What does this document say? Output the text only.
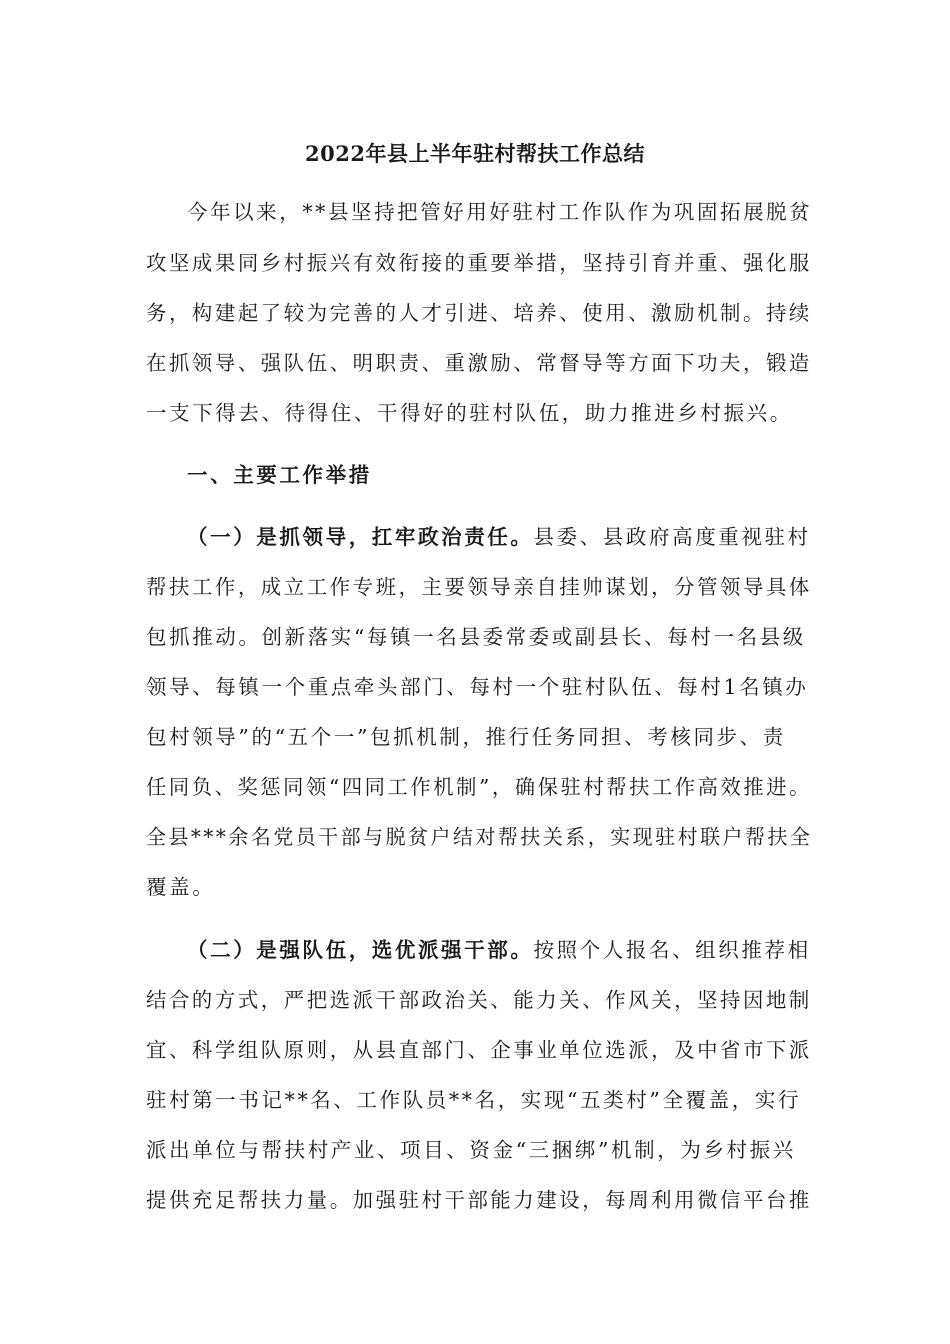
2022年县上半年驻村帮扶工作总结
今年以来，**县坚持把管好用好驻村工作队作为巩固拓展脱贫
攻坚成果同乡村振兴有效衔接的重要举措，坚持引育并重、强化服
务，构建起了较为完善的人才引进、培养、使用、激励机制。持续
在抓领导、强队伍、明职责、重激励、常督导等方面下功夫，锻造
一支下得去、待得住、干得好的驻村队伍，助力推进乡村振兴。
一、主要工作举措
（一）是抓领导，扛牢政治责任。县委、县政府高度重视驻村
帮扶工作，成立工作专班，主要领导亲自挂帅谋划，分管领导具体
包抓推动。创新落实“每镇一名县委常委或副县长、每村一名县级
领导、每镇一个重点牵头部门、每村一个驻村队伍、每村1名镇办
包村领导”的“五个一”包抓机制，推行任务同担、考核同步、责
任同负、奖惩同领“四同工作机制”，确保驻村帮扶工作高效推进。
全县***余名党员干部与脱贫户结对帮扶关系，实现驻村联户帮扶全
覆盖。
（二）是强队伍，选优派强干部。按照个人报名、组织推荐相
结合的方式，严把选派干部政治关、能力关、作风关，坚持因地制
宜、科学组队原则，从县直部门、企事业单位选派，及中省市下派
驻村第一书记**名、工作队员**名，实现“五类村”全覆盖，实行
派出单位与帮扶村产业、项目、资金“三捆绑”机制，为乡村振兴
提供充足帮扶力量。加强驻村干部能力建设，每周利用微信平台推
